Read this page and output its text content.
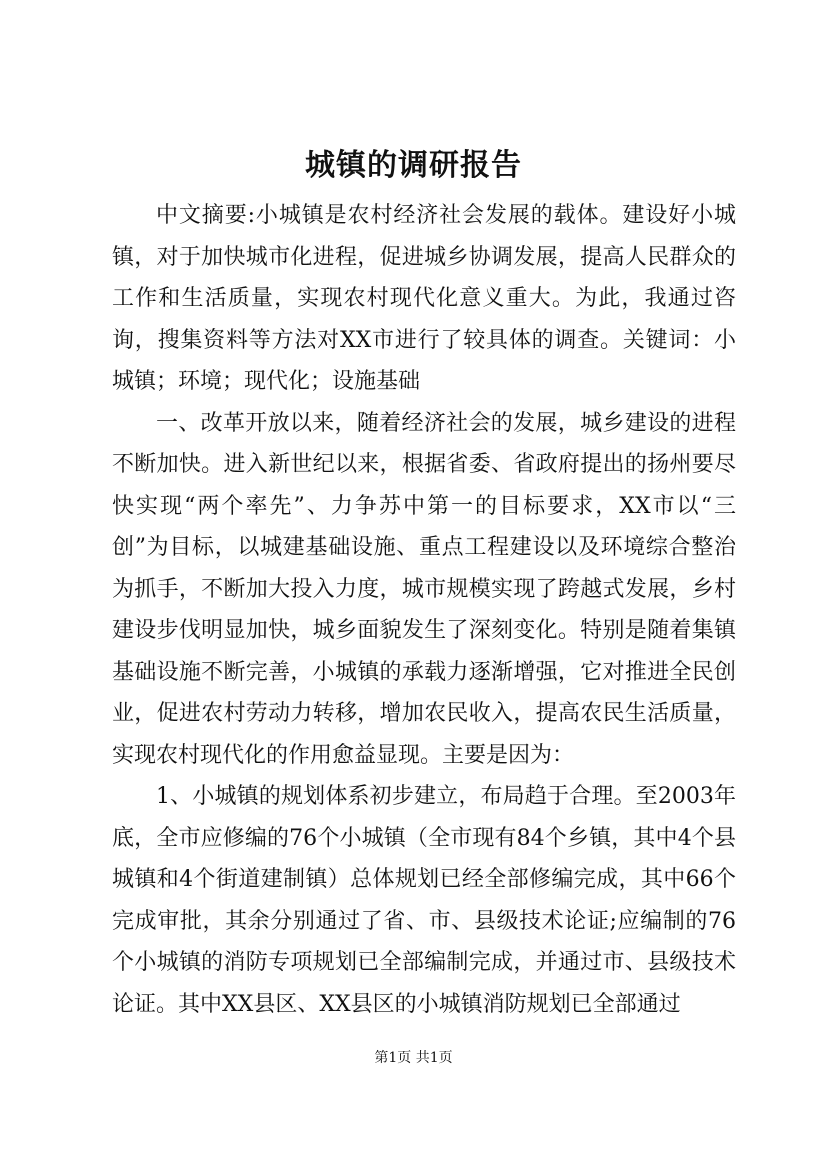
城镇的调研报告

中文摘要:小城镇是农村经济社会发展的载体。建设好小城镇，对于加快城市化进程，促进城乡协调发展，提高人民群众的工作和生活质量，实现农村现代化意义重大。为此，我通过咨询，搜集资料等方法对XX市进行了较具体的调查。关键词：小城镇；环境；现代化；设施基础

一、改革开放以来，随着经济社会的发展，城乡建设的进程不断加快。进入新世纪以来，根据省委、省政府提出的扬州要尽快实现“两个率先”、力争苏中第一的目标要求，XX市以“三创”为目标，以城建基础设施、重点工程建设以及环境综合整治为抓手，不断加大投入力度，城市规模实现了跨越式发展，乡村建设步伐明显加快，城乡面貌发生了深刻变化。特别是随着集镇基础设施不断完善，小城镇的承载力逐渐增强，它对推进全民创业，促进农村劳动力转移，增加农民收入，提高农民生活质量，实现农村现代化的作用愈益显现。主要是因为：

1、小城镇的规划体系初步建立，布局趋于合理。至2003年底，全市应修编的76个小城镇（全市现有84个乡镇，其中4个县城镇和4个街道建制镇）总体规划已经全部修编完成，其中66个完成审批，其余分别通过了省、市、县级技术论证;应编制的76个小城镇的消防专项规划已全部编制完成，并通过市、县级技术论证。其中XX县区、XX县区的小城镇消防规划已全部通过

第1页 共1页
